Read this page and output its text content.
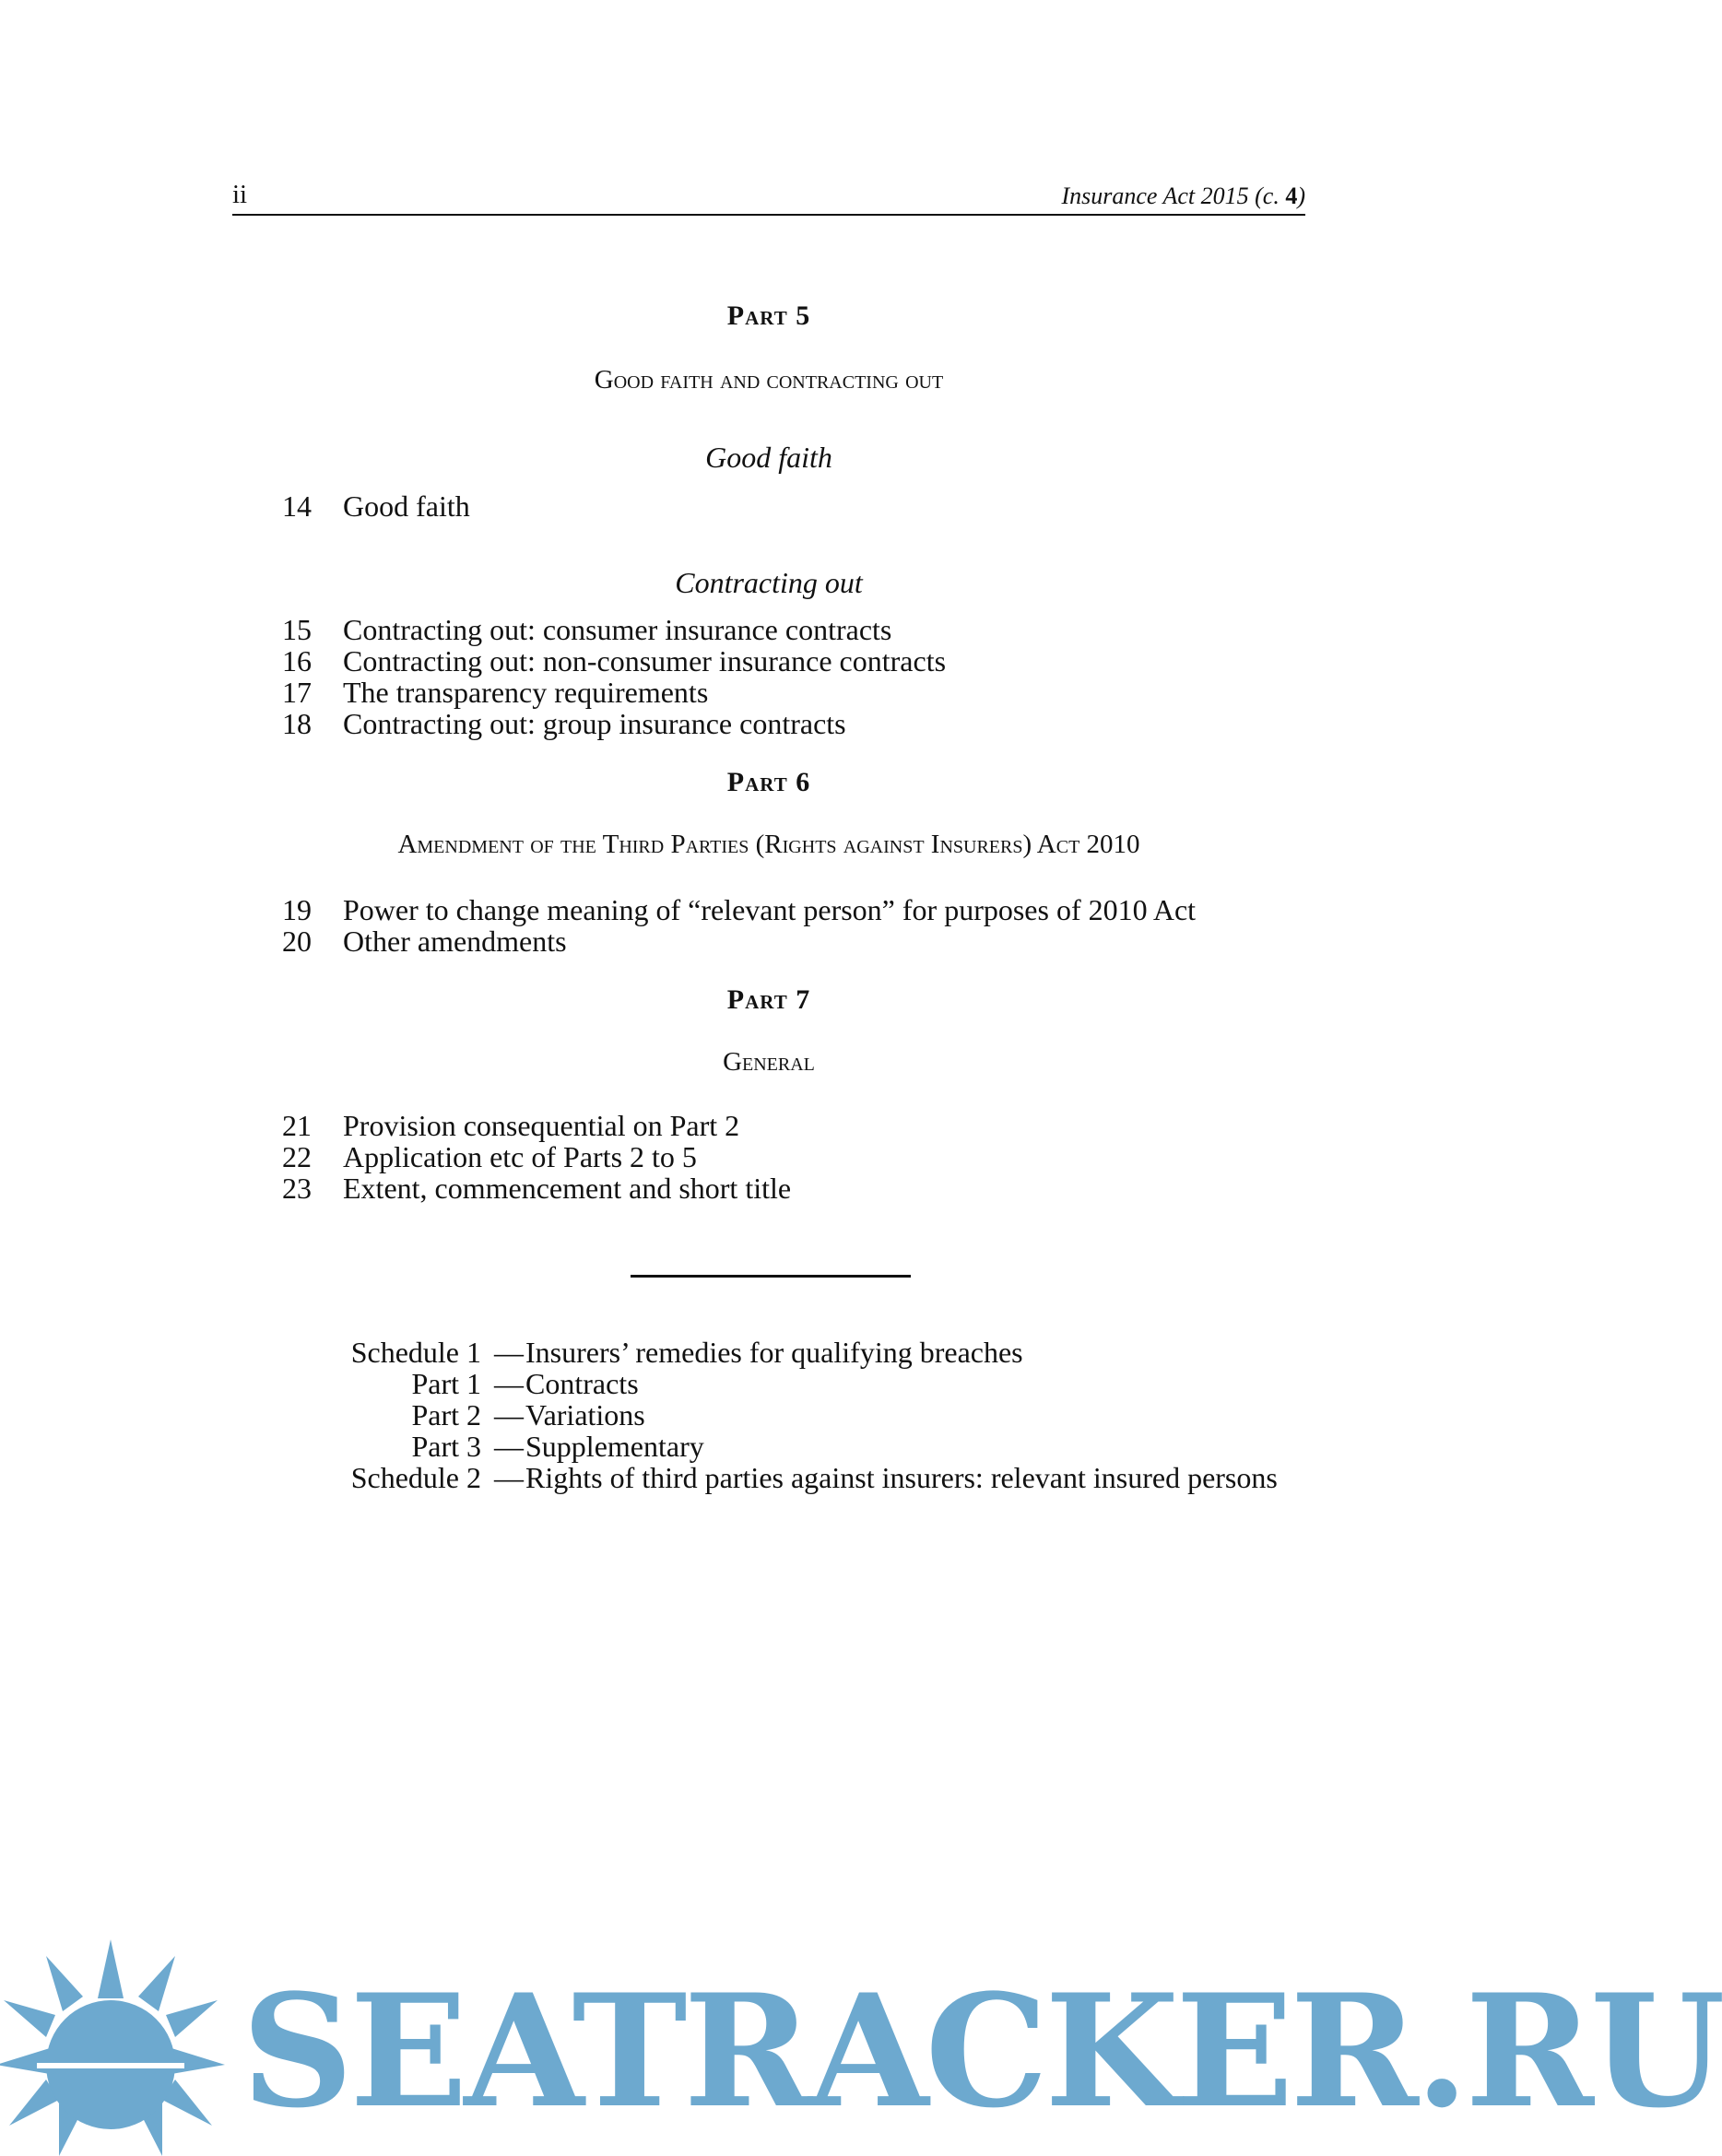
ii	Insurance Act 2015 (c. 4)
Part 5
Good faith and contracting out
Good faith
14	Good faith
Contracting out
15	Contracting out: consumer insurance contracts
16	Contracting out: non-consumer insurance contracts
17	The transparency requirements
18	Contracting out: group insurance contracts
Part 6
Amendment of the Third Parties (Rights against Insurers) Act 2010
19	Power to change meaning of “relevant person” for purposes of 2010 Act
20	Other amendments
Part 7
General
21	Provision consequential on Part 2
22	Application etc of Parts 2 to 5
23	Extent, commencement and short title
Schedule 1 — Insurers’ remedies for qualifying breaches
Part 1 — Contracts
Part 2 — Variations
Part 3 — Supplementary
Schedule 2 — Rights of third parties against insurers: relevant insured persons
SEATRACKER.RU
